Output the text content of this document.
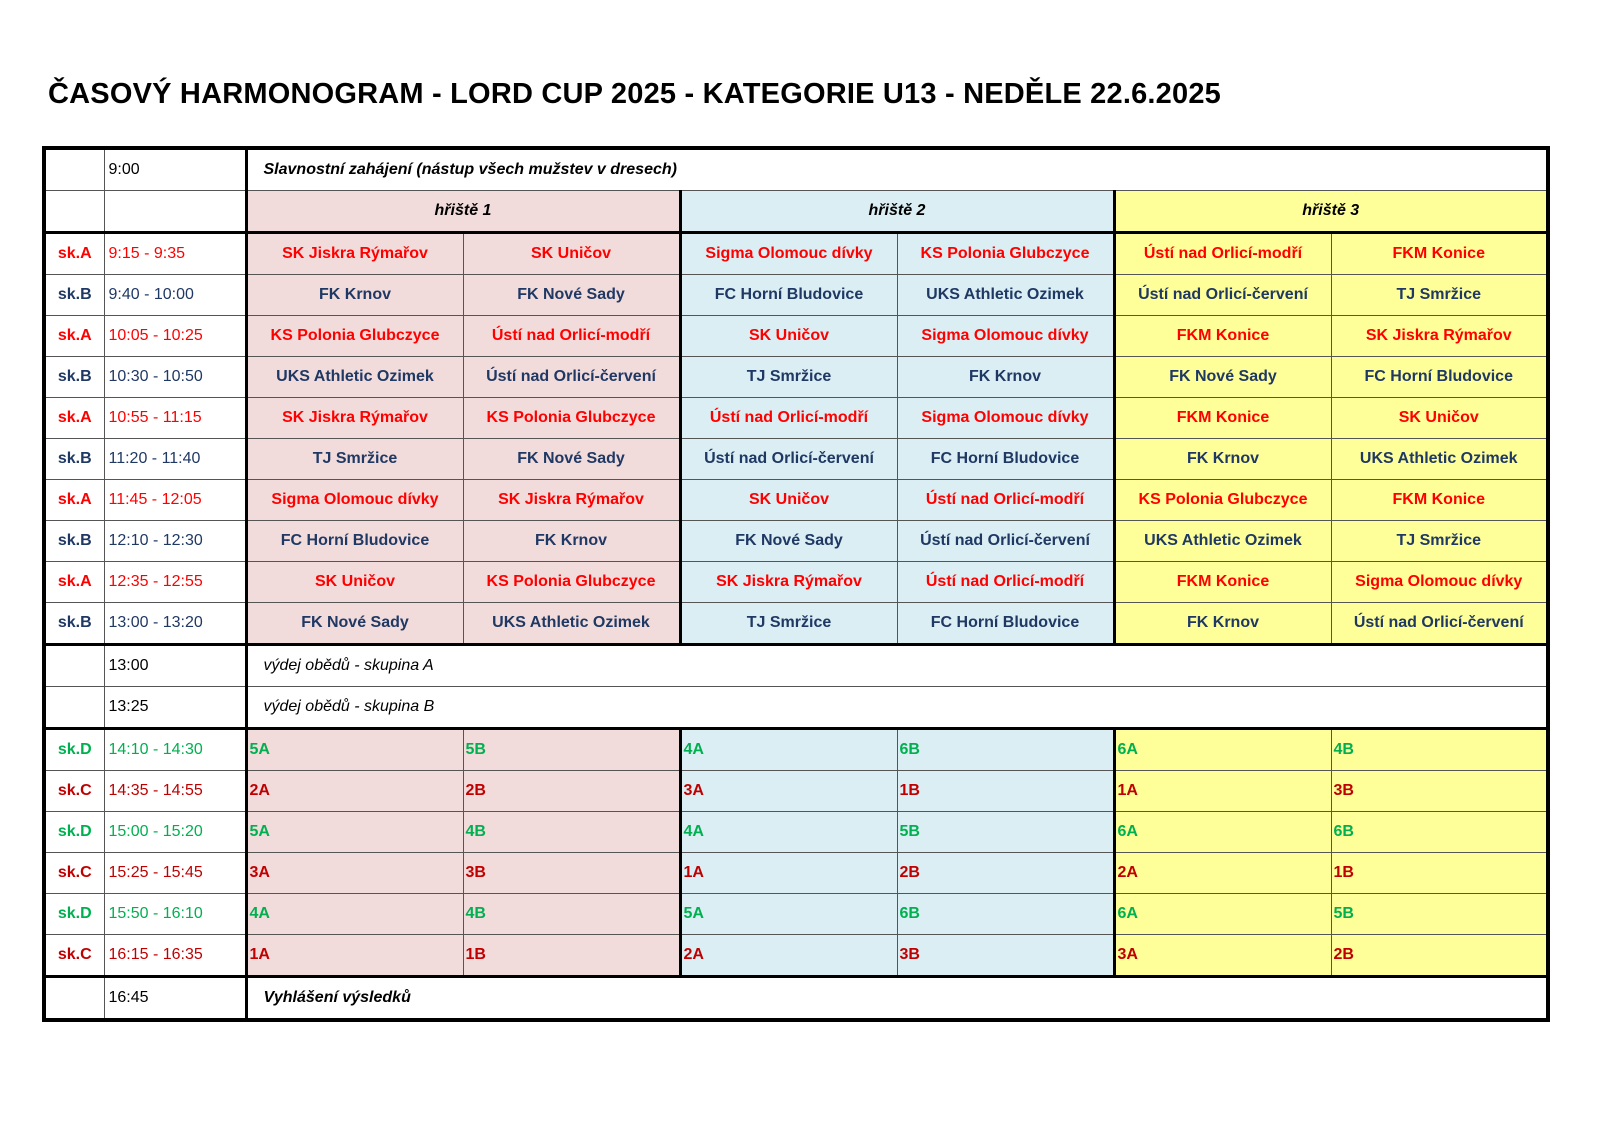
ČASOVÝ HARMONOGRAM - LORD CUP 2025 - KATEGORIE U13 - NEDĚLE 22.6.2025
	9:00	Slavnostní zahájení (nástup všech mužstev v dresech)					
		hřiště 1		hřiště 2		hřiště 3	
sk.A	9:15 - 9:35	SK Jiskra Rýmařov	SK Uničov	Sigma Olomouc dívky	KS Polonia Glubczyce	Ústí nad Orlicí-modří	FKM Konice
sk.B	9:40 - 10:00	FK Krnov	FK Nové Sady	FC Horní Bludovice	UKS Athletic Ozimek	Ústí nad Orlicí-červení	TJ Smržice
sk.A	10:05 - 10:25	KS Polonia Glubczyce	Ústí nad Orlicí-modří	SK Uničov	Sigma Olomouc dívky	FKM Konice	SK Jiskra Rýmařov
sk.B	10:30 - 10:50	UKS Athletic Ozimek	Ústí nad Orlicí-červení	TJ Smržice	FK Krnov	FK Nové Sady	FC Horní Bludovice
sk.A	10:55 - 11:15	SK Jiskra Rýmařov	KS Polonia Glubczyce	Ústí nad Orlicí-modří	Sigma Olomouc dívky	FKM Konice	SK Uničov
sk.B	11:20 - 11:40	TJ Smržice	FK Nové Sady	Ústí nad Orlicí-červení	FC Horní Bludovice	FK Krnov	UKS Athletic Ozimek
sk.A	11:45 - 12:05	Sigma Olomouc dívky	SK Jiskra Rýmařov	SK Uničov	Ústí nad Orlicí-modří	KS Polonia Glubczyce	FKM Konice
sk.B	12:10 - 12:30	FC Horní Bludovice	FK Krnov	FK Nové Sady	Ústí nad Orlicí-červení	UKS Athletic Ozimek	TJ Smržice
sk.A	12:35 - 12:55	SK Uničov	KS Polonia Glubczyce	SK Jiskra Rýmařov	Ústí nad Orlicí-modří	FKM Konice	Sigma Olomouc dívky
sk.B	13:00 - 13:20	FK Nové Sady	UKS Athletic Ozimek	TJ Smržice	FC Horní Bludovice	FK Krnov	Ústí nad Orlicí-červení
	13:00	výdej obědů - skupina A					
	13:25	výdej obědů - skupina B					
sk.D	14:10 - 14:30	5A	5B	4A	6B	6A	4B
sk.C	14:35 - 14:55	2A	2B	3A	1B	1A	3B
sk.D	15:00 - 15:20	5A	4B	4A	5B	6A	6B
sk.C	15:25 - 15:45	3A	3B	1A	2B	2A	1B
sk.D	15:50 - 16:10	4A	4B	5A	6B	6A	5B
sk.C	16:15 - 16:35	1A	1B	2A	3B	3A	2B
	16:45	Vyhlášení výsledků					
